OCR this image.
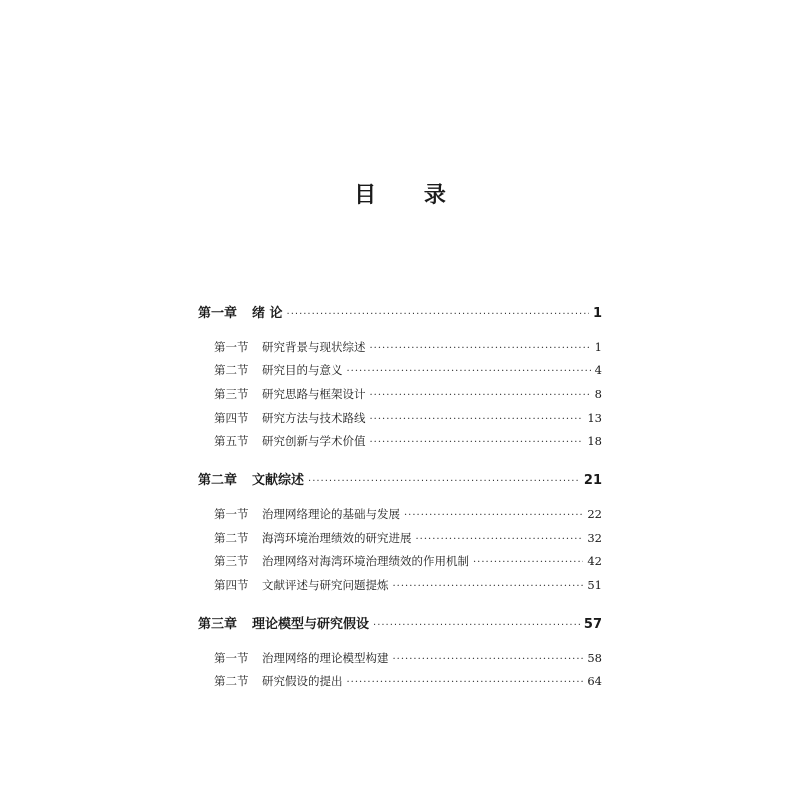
目 录
第一章	绪 论 ·····	1
第一节	研究背景与现状综述 ·····	1
第二节	研究目的与意义 ·····	4
第三节	研究思路与框架设计 ·····	8
第四节	研究方法与技术路线 ·····	13
第五节	研究创新与学术价值 ·····	18
第二章	文献综述 ·····	21
第一节	治理网络理论的基础与发展 ·····	22
第二节	海湾环境治理绩效的研究进展 ·····	32
第三节	治理网络对海湾环境治理绩效的作用机制 ·····	42
第四节	文献评述与研究问题提炼 ·····	51
第三章	理论模型与研究假设 ·····	57
第一节	治理网络的理论模型构建 ·····	58
第二节	研究假设的提出 ·····	64
